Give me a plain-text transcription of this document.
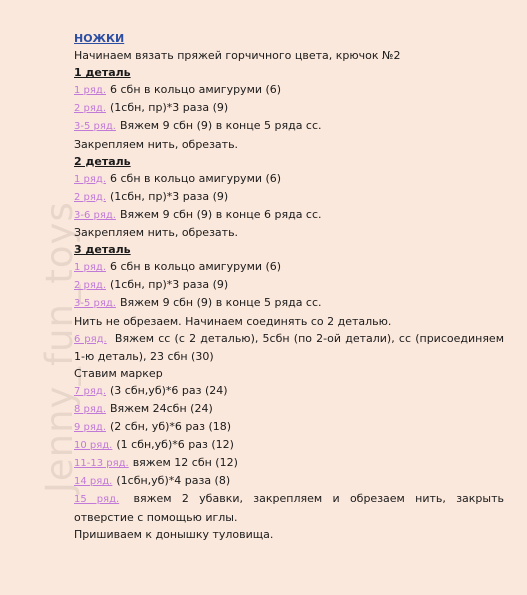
Jenny_fun_toys
НОЖКИ
Начинаем вязать пряжей горчичного цвета, крючок №2
1 деталь
1 ряд. 6 сбн в кольцо амигуруми (6)
2 ряд. (1сбн, пр)*3 раза (9)
3-5 ряд. Вяжем 9 сбн (9) в конце 5 ряда сс.
Закрепляем нить, обрезать.
2 деталь
1 ряд. 6 сбн в кольцо амигуруми (6)
2 ряд. (1сбн, пр)*3 раза (9)
3-6 ряд. Вяжем 9 сбн (9) в конце 6 ряда сс.
Закрепляем нить, обрезать.
3 деталь
1 ряд. 6 сбн в кольцо амигуруми (6)
2 ряд. (1сбн, пр)*3 раза (9)
3-5 ряд. Вяжем 9 сбн (9) в конце 5 ряда сс.
Нить не обрезаем. Начинаем соединять со 2 деталью.
6 ряд. Вяжем сс (с 2 деталью), 5сбн (по 2-ой детали), сс (присоединяем 1-ю деталь), 23 сбн (30)
Ставим маркер
7 ряд. (3 сбн,уб)*6 раз (24)
8 ряд. Вяжем 24сбн (24)
9 ряд. (2 сбн, уб)*6 раз (18)
10 ряд. (1 сбн,уб)*6 раз (12)
11-13 ряд. вяжем 12 сбн (12)
14 ряд. (1сбн,уб)*4 раза (8)
15 ряд. вяжем 2 убавки, закрепляем и обрезаем нить, закрыть отверстие с помощью иглы.
Пришиваем к донышку туловища.
